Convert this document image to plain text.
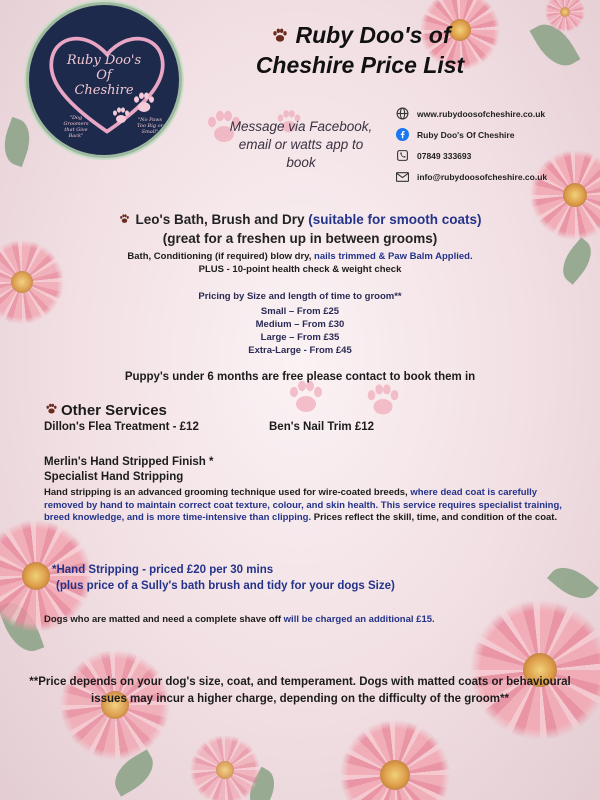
Ruby Doo's
Of
Cheshire
"Dog Groomers that Give Back"
"No Paws Too Big or Small"
Ruby Doo's of
Cheshire Price List
Message via Facebook, email or watts app to book
www.rubydoosofcheshire.co.uk
Ruby Doo's Of Cheshire
07849 333693
info@rubydoosofcheshire.co.uk
Leo's Bath, Brush and Dry (suitable for smooth coats)
(great for a freshen up in between grooms)
Bath, Conditioning (if required) blow dry, nails trimmed & Paw Balm Applied.
PLUS - 10-point health check & weight check
Pricing by Size and length of time to groom**
Small – From £25
Medium – From £30
Large – From £35
Extra-Large - From £45
Puppy's under 6 months are free please contact to book them in
Other Services
Dillon's Flea Treatment - £12	Ben's Nail Trim £12
Merlin's Hand Stripped Finish *
Specialist Hand Stripping
Hand stripping is an advanced grooming technique used for wire-coated breeds, where dead coat is carefully removed by hand to maintain correct coat texture, colour, and skin health. This service requires specialist training, breed knowledge, and is more time-intensive than clipping. Prices reflect the skill, time, and condition of the coat.
*Hand Stripping - priced £20 per 30 mins
(plus price of a Sully's bath brush and tidy for your dogs Size)
Dogs who are matted and need a complete shave off will be charged an additional £15.
**Price depends on your dog's size, coat, and temperament. Dogs with matted coats or behavioural issues may incur a higher charge, depending on the difficulty of the groom**
